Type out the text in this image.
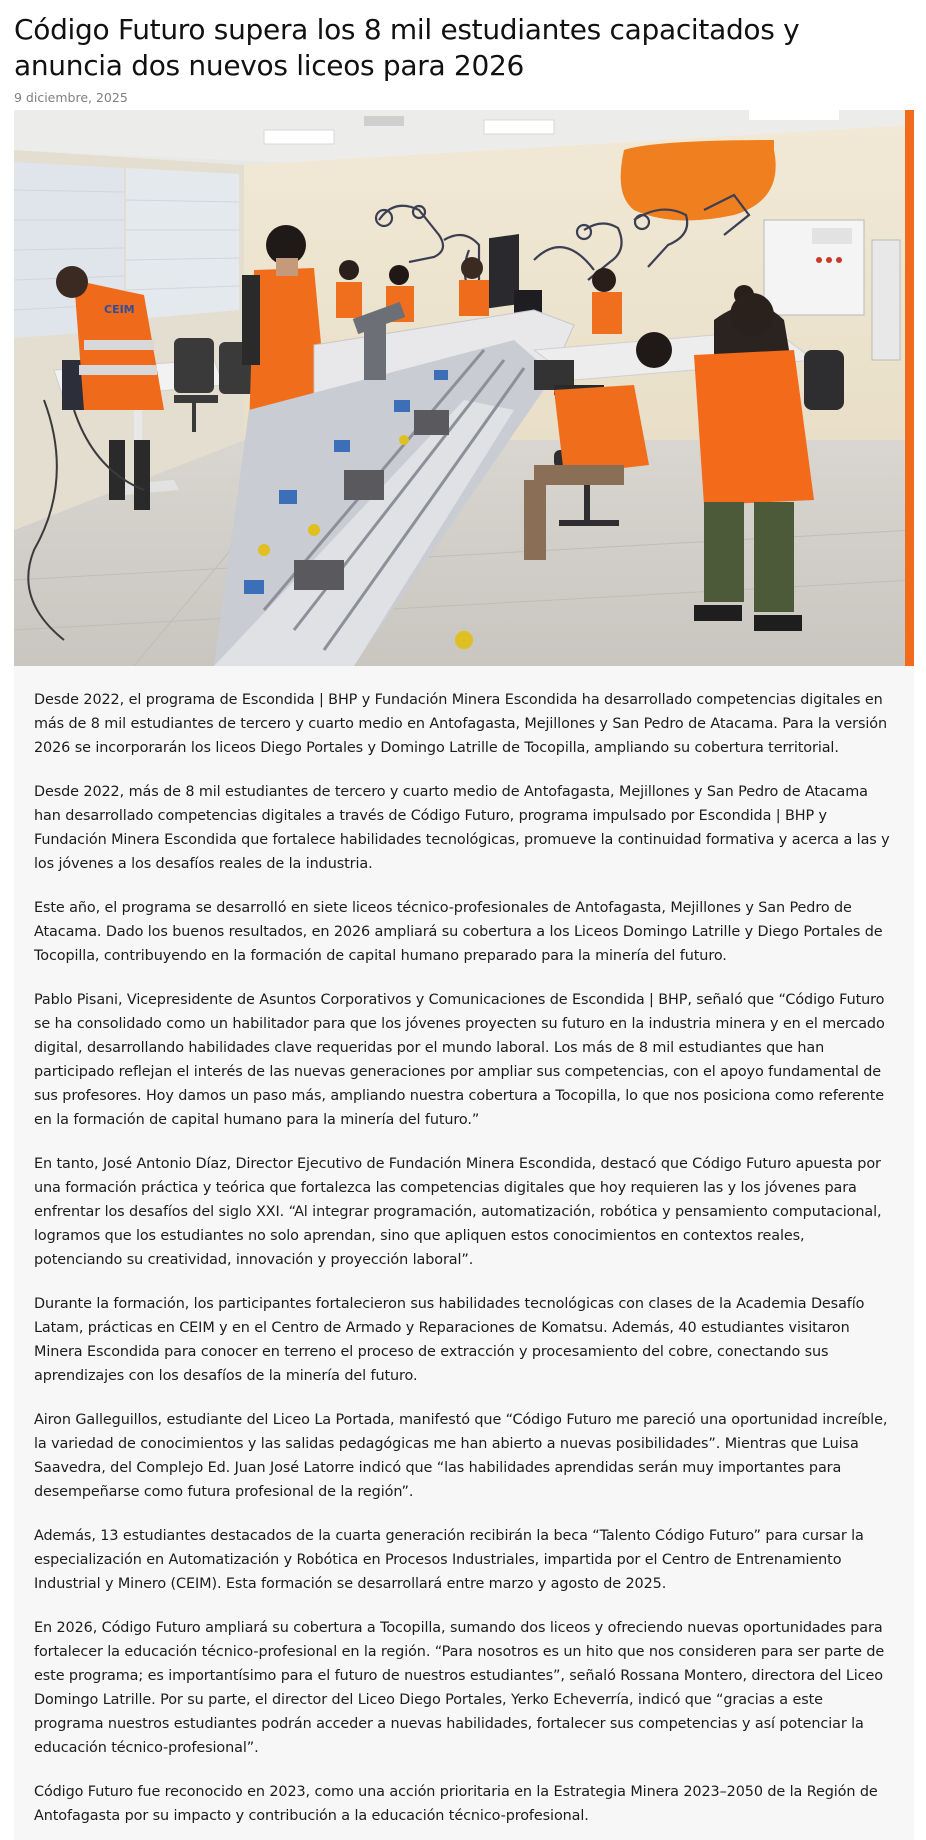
Código Futuro supera los 8 mil estudiantes capacitados y anuncia dos nuevos liceos para 2026
9 diciembre, 2025
CEIM

Desde 2022, el programa de Escondida | BHP y Fundación Minera Escondida ha desarrollado competencias digitales en más de 8 mil estudiantes de tercero y cuarto medio en Antofagasta, Mejillones y San Pedro de Atacama. Para la versión 2026 se incorporarán los liceos Diego Portales y Domingo Latrille de Tocopilla, ampliando su cobertura territorial.

Desde 2022, más de 8 mil estudiantes de tercero y cuarto medio de Antofagasta, Mejillones y San Pedro de Atacama han desarrollado competencias digitales a través de Código Futuro, programa impulsado por Escondida | BHP y Fundación Minera Escondida que fortalece habilidades tecnológicas, promueve la continuidad formativa y acerca a las y los jóvenes a los desafíos reales de la industria.

Este año, el programa se desarrolló en siete liceos técnico-profesionales de Antofagasta, Mejillones y San Pedro de Atacama. Dado los buenos resultados, en 2026 ampliará su cobertura a los Liceos Domingo Latrille y Diego Portales de Tocopilla, contribuyendo en la formación de capital humano preparado para la minería del futuro.

Pablo Pisani, Vicepresidente de Asuntos Corporativos y Comunicaciones de Escondida | BHP, señaló que “Código Futuro se ha consolidado como un habilitador para que los jóvenes proyecten su futuro en la industria minera y en el mercado digital, desarrollando habilidades clave requeridas por el mundo laboral. Los más de 8 mil estudiantes que han participado reflejan el interés de las nuevas generaciones por ampliar sus competencias, con el apoyo fundamental de sus profesores. Hoy damos un paso más, ampliando nuestra cobertura a Tocopilla, lo que nos posiciona como referente en la formación de capital humano para la minería del futuro.”

En tanto, José Antonio Díaz, Director Ejecutivo de Fundación Minera Escondida, destacó que Código Futuro apuesta por una formación práctica y teórica que fortalezca las competencias digitales que hoy requieren las y los jóvenes para enfrentar los desafíos del siglo XXI. “Al integrar programación, automatización, robótica y pensamiento computacional, logramos que los estudiantes no solo aprendan, sino que apliquen estos conocimientos en contextos reales, potenciando su creatividad, innovación y proyección laboral”.

Durante la formación, los participantes fortalecieron sus habilidades tecnológicas con clases de la Academia Desafío Latam, prácticas en CEIM y en el Centro de Armado y Reparaciones de Komatsu. Además, 40 estudiantes visitaron Minera Escondida para conocer en terreno el proceso de extracción y procesamiento del cobre, conectando sus aprendizajes con los desafíos de la minería del futuro.

Airon Galleguillos, estudiante del Liceo La Portada, manifestó que “Código Futuro me pareció una oportunidad increíble, la variedad de conocimientos y las salidas pedagógicas me han abierto a nuevas posibilidades”. Mientras que Luisa Saavedra, del Complejo Ed. Juan José Latorre indicó que “las habilidades aprendidas serán muy importantes para desempeñarse como futura profesional de la región”.

Además, 13 estudiantes destacados de la cuarta generación recibirán la beca “Talento Código Futuro” para cursar la especialización en Automatización y Robótica en Procesos Industriales, impartida por el Centro de Entrenamiento Industrial y Minero (CEIM). Esta formación se desarrollará entre marzo y agosto de 2025.

En 2026, Código Futuro ampliará su cobertura a Tocopilla, sumando dos liceos y ofreciendo nuevas oportunidades para fortalecer la educación técnico-profesional en la región. “Para nosotros es un hito que nos consideren para ser parte de este programa; es importantísimo para el futuro de nuestros estudiantes”, señaló Rossana Montero, directora del Liceo Domingo Latrille. Por su parte, el director del Liceo Diego Portales, Yerko Echeverría, indicó que “gracias a este programa nuestros estudiantes podrán acceder a nuevas habilidades, fortalecer sus competencias y así potenciar la educación técnico-profesional”.

Código Futuro fue reconocido en 2023, como una acción prioritaria en la Estrategia Minera 2023–2050 de la Región de Antofagasta por su impacto y contribución a la educación técnico-profesional.
